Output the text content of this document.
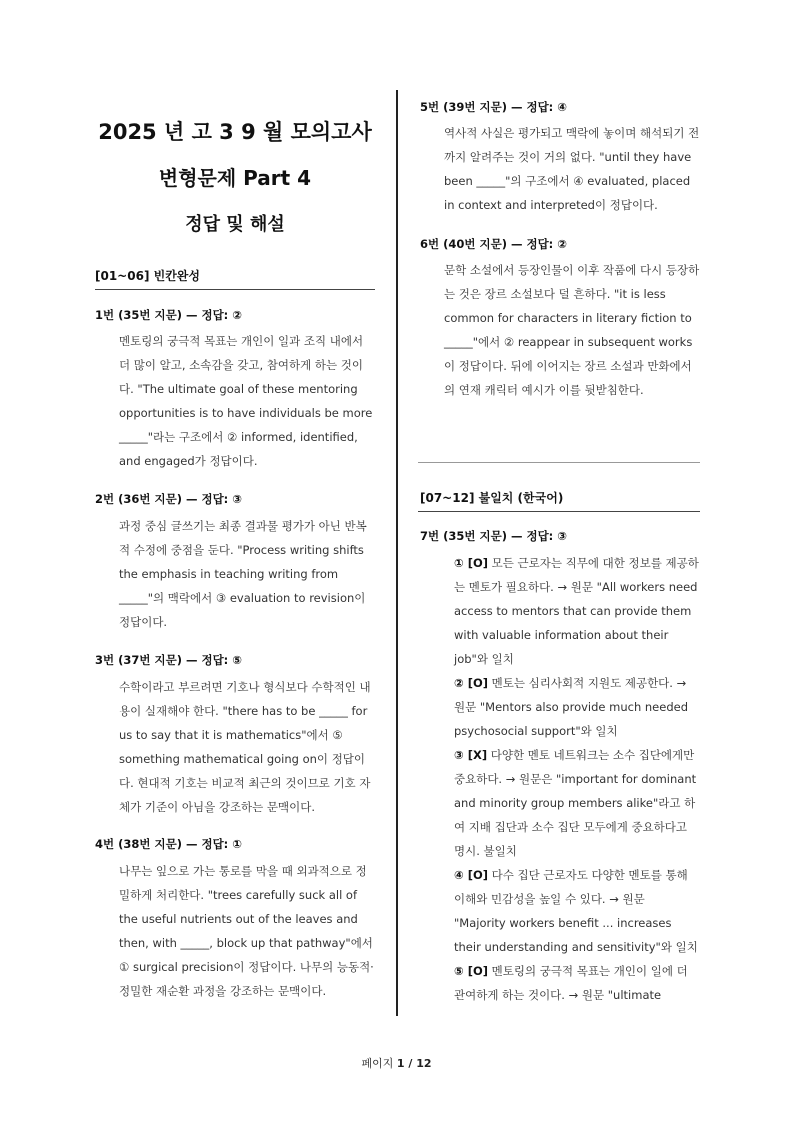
2025 년 고 3 9 월 모의고사
변형문제 Part 4
정답 및 해설
[01~06] 빈칸완성
1번 (35번 지문) — 정답: ②
멘토링의 궁극적 목표는 개인이 일과 조직 내에서 더 많이 알고, 소속감을 갖고, 참여하게 하는 것이다. "The ultimate goal of these mentoring opportunities is to have individuals be more _____"라는 구조에서 ② informed, identified, and engaged가 정답이다.
2번 (36번 지문) — 정답: ③
과정 중심 글쓰기는 최종 결과물 평가가 아닌 반복적 수정에 중점을 둔다. "Process writing shifts the emphasis in teaching writing from _____"의 맥락에서 ③ evaluation to revision이 정답이다.
3번 (37번 지문) — 정답: ⑤
수학이라고 부르려면 기호나 형식보다 수학적인 내용이 실재해야 한다. "there has to be _____ for us to say that it is mathematics"에서 ⑤ something mathematical going on이 정답이다. 현대적 기호는 비교적 최근의 것이므로 기호 자체가 기준이 아님을 강조하는 문맥이다.
4번 (38번 지문) — 정답: ①
나무는 잎으로 가는 통로를 막을 때 외과적으로 정밀하게 처리한다. "trees carefully suck all of the useful nutrients out of the leaves and then, with _____, block up that pathway"에서 ① surgical precision이 정답이다. 나무의 능동적·정밀한 재순환 과정을 강조하는 문맥이다.
5번 (39번 지문) — 정답: ④
역사적 사실은 평가되고 맥락에 놓이며 해석되기 전까지 알려주는 것이 거의 없다. "until they have been _____"의 구조에서 ④ evaluated, placed in context and interpreted이 정답이다.
6번 (40번 지문) — 정답: ②
문학 소설에서 등장인물이 이후 작품에 다시 등장하는 것은 장르 소설보다 덜 흔하다. "it is less common for characters in literary fiction to _____"에서 ② reappear in subsequent works이 정답이다. 뒤에 이어지는 장르 소설과 만화에서의 연재 캐릭터 예시가 이를 뒷받침한다.
[07~12] 불일치 (한국어)
7번 (35번 지문) — 정답: ③
① [O] 모든 근로자는 직무에 대한 정보를 제공하는 멘토가 필요하다. → 원문 "All workers need access to mentors that can provide them with valuable information about their job"와 일치
② [O] 멘토는 심리사회적 지원도 제공한다. → 원문 "Mentors also provide much needed psychosocial support"와 일치
③ [X] 다양한 멘토 네트워크는 소수 집단에게만 중요하다. → 원문은 "important for dominant and minority group members alike"라고 하여 지배 집단과 소수 집단 모두에게 중요하다고 명시. 불일치
④ [O] 다수 집단 근로자도 다양한 멘토를 통해 이해와 민감성을 높일 수 있다. → 원문 "Majority workers benefit ... increases their understanding and sensitivity"와 일치
⑤ [O] 멘토링의 궁극적 목표는 개인이 일에 더 관여하게 하는 것이다. → 원문 "ultimate
페이지 1 / 12
